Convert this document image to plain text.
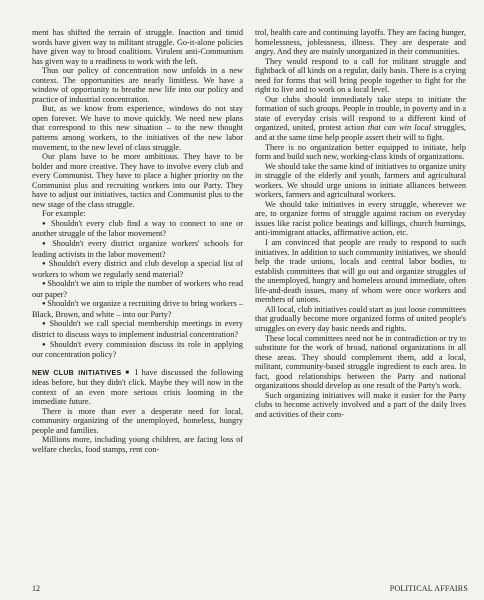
ment has shifted the terrain of struggle. Inaction and timid words have given way to militant struggle. Go-it-alone policies have given way to broad coalitions. Virulent anti-Communism has given way to a readiness to work with the left.

Thus our policy of concentration now unfolds in a new context. The opportunities are nearly limitless. We have a window of opportunity to breathe new life into our policy and practice of industrial concentration.

But, as we know from experience, windows do not stay open forever. We have to move quickly. We need new plans that correspond to this new situation – to the new thought patterns among workers, to the initiatives of the new labor movement, to the new level of class struggle.

Our plans have to be more ambitious. They have to be bolder and more creative. They have to involve every club and every Communist. They have to place a higher priority on the Communist plus and recruiting workers into our Party. They have to adjust our initiatives, tactics and Communist plus to the new stage of the class struggle.

For example:

● Shouldn't every club find a way to connect to one or another struggle of the labor movement?

● Shouldn't every district organize workers' schools for leading activists in the labor movement?

● Shouldn't every district and club develop a special list of workers to whom we regularly send material?

● Shouldn't we aim to triple the number of workers who read our paper?

● Shouldn't we organize a recruiting drive to bring workers – Black, Brown, and white – into our Party?

● Shouldn't we call special membership meetings in every district to discuss ways to implement industrial concentration?

● Shouldn't every commission discuss its role in applying our concentration policy?

NEW CLUB INITIATIVES ■ I have discussed the following ideas before, but they didn't click. Maybe they will now in the context of an even more serious crisis looming in the immediate future.

There is more than ever a desperate need for local, community organizing of the unemployed, homeless, hungry people and families.

Millions more, including young children, are facing loss of welfare checks, food stamps, rent con-

trol, health care and continuing layoffs. They are facing hunger, homelessness, joblessness, illness. They are desperate and angry. And they are mainly unorganized in their communities.

They would respond to a call for militant struggle and fightback of all kinds on a regular, daily basis. There is a crying need for forms that will bring people together to fight for the right to live and to work on a local level.

Our clubs should immediately take steps to initiate the formation of such groups. People in trouble, in poverty and in a state of everyday crisis will respond to a different kind of organized, united, protest action that can win local struggles, and at the same time help people assert their will to fight.

There is no organization better equipped to initiate, help form and build such new, working-class kinds of organizations.

We should take the same kind of initiatives to organize unity in struggle of the elderly and youth, farmers and agricultural workers. We should urge unions to initiate alliances between workers, farmers and agricultural workers.

We should take initiatives in every struggle, wherever we are, to organize forms of struggle against racism on everyday issues like racist police beatings and killings, church burnings, anti-immigrant attacks, affirmative action, etc.

I am convinced that people are ready to respond to such initiatives. In addition to such community initiatives, we should help the trade unions, locals and central labor bodies, to establish committees that will go out and organize struggles of the unemployed, hungry and homeless around immediate, often life-and-death issues, many of whom were once workers and members of unions.

All local, club initiatives could start as just loose committees that gradually become more organized forms of united people's struggles on every day basic needs and rights.

These local committees need not be in contradiction or try to substitute for the work of broad, national organizations in all these areas. They should complement them, add a local, militant, community-based struggle ingredient to each area. In fact, good relationships between the Party and national organizations should develop as one result of the Party's work.

Such organizing initiatives will make it easier for the Party clubs to become actively involved and a part of the daily lives and activities of their com-

12	POLITICAL AFFAIRS
